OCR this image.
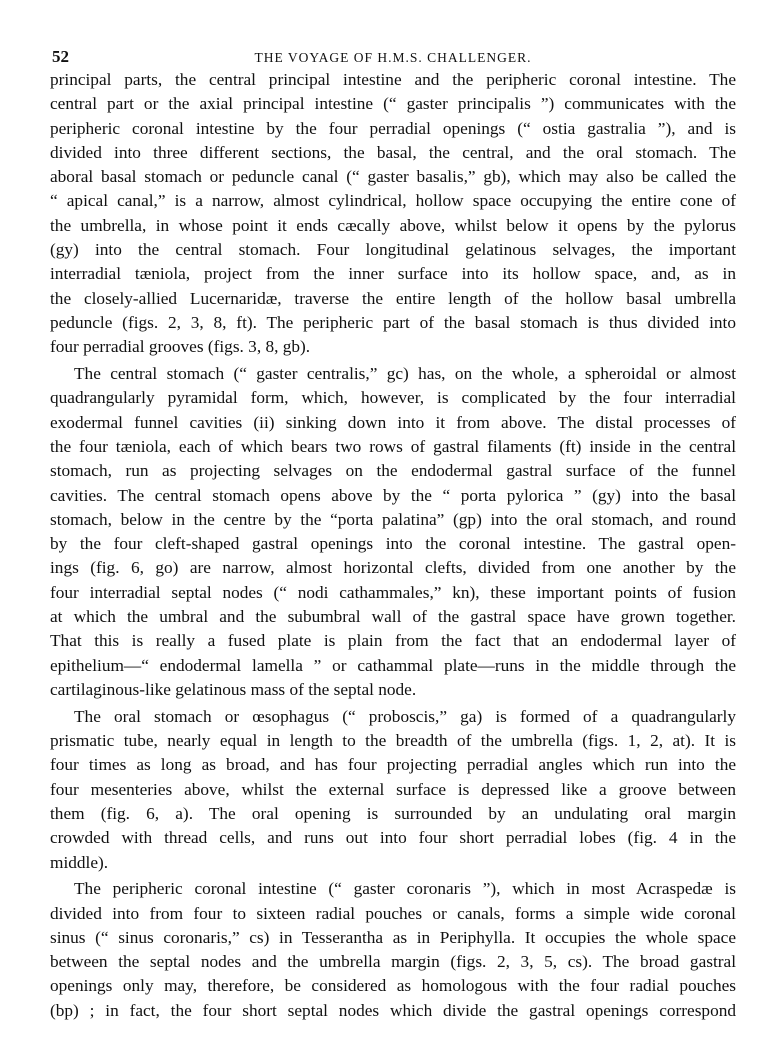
52	THE VOYAGE OF H.M.S. CHALLENGER.
principal parts, the central principal intestine and the peripheric coronal intestine. The
central part or the axial principal intestine (“ gaster principalis ”) communicates with the
peripheric coronal intestine by the four perradial openings (“ ostia gastralia ”), and is
divided into three different sections, the basal, the central, and the oral stomach. The
aboral basal stomach or peduncle canal (“ gaster basalis,” gb), which may also be called the
“ apical canal,” is a narrow, almost cylindrical, hollow space occupying the entire cone of
the umbrella, in whose point it ends cæcally above, whilst below it opens by the pylorus
(gy) into the central stomach. Four longitudinal gelatinous selvages, the important
interradial tæniola, project from the inner surface into its hollow space, and, as in
the closely-allied Lucernaridæ, traverse the entire length of the hollow basal umbrella
peduncle (figs. 2, 3, 8, ft). The peripheric part of the basal stomach is thus divided into
four perradial grooves (figs. 3, 8, gb).
The central stomach (“ gaster centralis,” gc) has, on the whole, a spheroidal or almost
quadrangularly pyramidal form, which, however, is complicated by the four interradial
exodermal funnel cavities (ii) sinking down into it from above. The distal processes of
the four tæniola, each of which bears two rows of gastral filaments (ft) inside in the central
stomach, run as projecting selvages on the endodermal gastral surface of the funnel
cavities. The central stomach opens above by the “ porta pylorica ” (gy) into the basal
stomach, below in the centre by the “porta palatina” (gp) into the oral stomach, and round
by the four cleft-shaped gastral openings into the coronal intestine. The gastral open-
ings (fig. 6, go) are narrow, almost horizontal clefts, divided from one another by the
four interradial septal nodes (“ nodi cathammales,” kn), these important points of fusion
at which the umbral and the subumbral wall of the gastral space have grown together.
That this is really a fused plate is plain from the fact that an endodermal layer of
epithelium—“ endodermal lamella ” or cathammal plate—runs in the middle through the
cartilaginous-like gelatinous mass of the septal node.
The oral stomach or œsophagus (“ proboscis,” ga) is formed of a quadrangularly
prismatic tube, nearly equal in length to the breadth of the umbrella (figs. 1, 2, at). It is
four times as long as broad, and has four projecting perradial angles which run into the
four mesenteries above, whilst the external surface is depressed like a groove between
them (fig. 6, a). The oral opening is surrounded by an undulating oral margin
crowded with thread cells, and runs out into four short perradial lobes (fig. 4 in the
middle).
The peripheric coronal intestine (“ gaster coronaris ”), which in most Acraspedæ is
divided into from four to sixteen radial pouches or canals, forms a simple wide coronal
sinus (“ sinus coronaris,” cs) in Tesserantha as in Periphylla. It occupies the whole space
between the septal nodes and the umbrella margin (figs. 2, 3, 5, cs). The broad gastral
openings only may, therefore, be considered as homologous with the four radial pouches
(bp) ; in fact, the four short septal nodes which divide the gastral openings correspond
